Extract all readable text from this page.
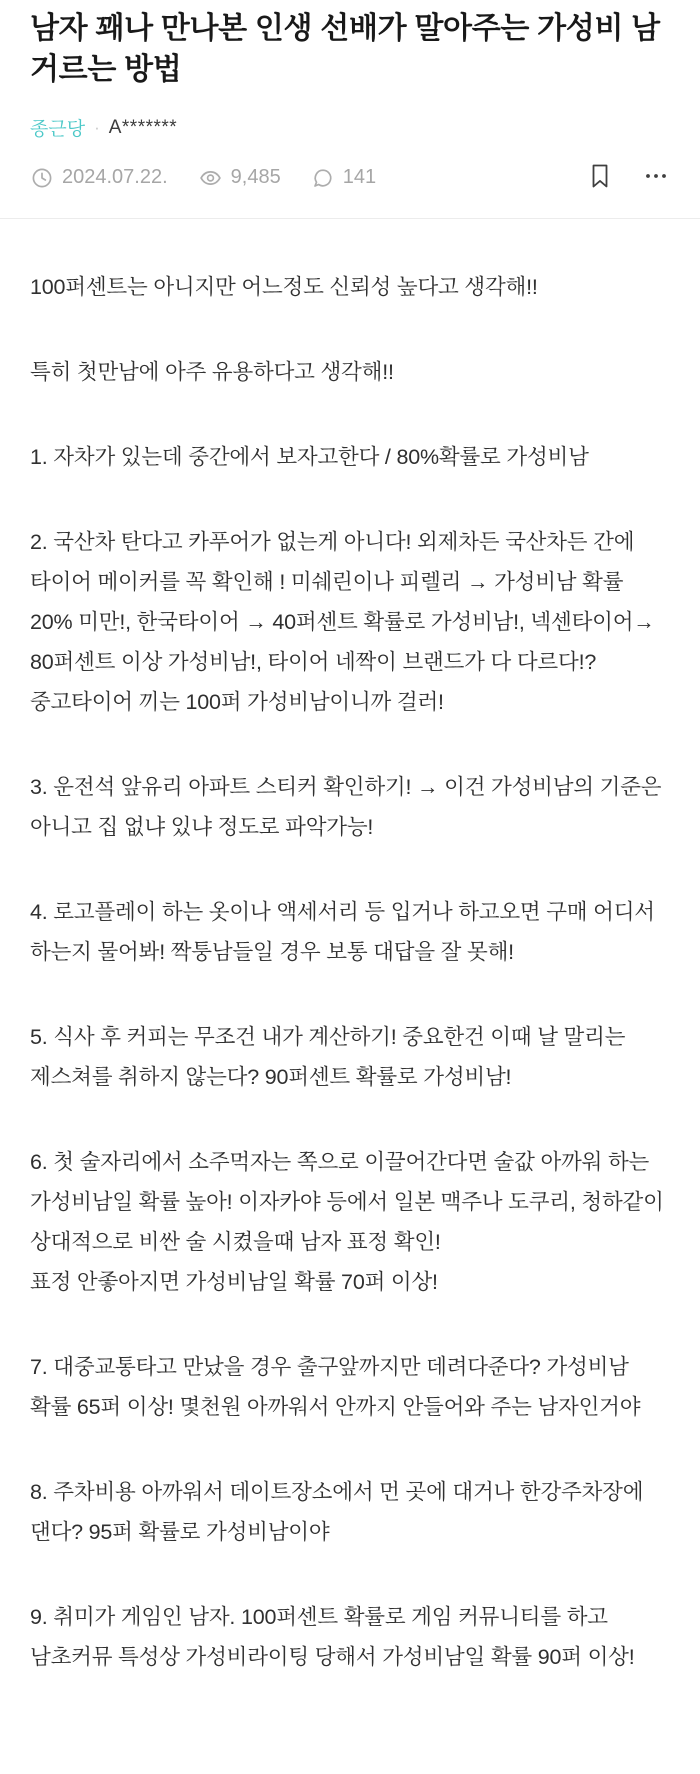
남자 꽤나 만나본 인생 선배가 말아주는 가성비 남 거르는 방법
종근당 · A*******
2024.07.22.	9,485	141

100퍼센트는 아니지만 어느정도 신뢰성 높다고 생각해!!

특히 첫만남에 아주 유용하다고 생각해!!

1. 자차가 있는데 중간에서 보자고한다 / 80%확률로 가성비남

2. 국산차 탄다고 카푸어가 없는게 아니다! 외제차든 국산차든 간에 타이어 메이커를 꼭 확인해 ! 미쉐린이나 피렐리 → 가성비남 확률 20% 미만!, 한국타이어 → 40퍼센트 확률로 가성비남!, 넥센타이어→ 80퍼센트 이상 가성비남!, 타이어 네짝이 브랜드가 다 다르다!? 중고타이어 끼는 100퍼 가성비남이니까 걸러!

3. 운전석 앞유리 아파트 스티커 확인하기! → 이건 가성비남의 기준은 아니고 집 없냐 있냐 정도로 파악가능!

4. 로고플레이 하는 옷이나 액세서리 등 입거나 하고오면 구매 어디서 하는지 물어봐! 짝퉁남들일 경우 보통 대답을 잘 못해!

5. 식사 후 커피는 무조건 내가 계산하기! 중요한건 이때 날 말리는 제스쳐를 취하지 않는다? 90퍼센트 확률로 가성비남!

6. 첫 술자리에서 소주먹자는 쪽으로 이끌어간다면 술값 아까워 하는 가성비남일 확률 높아! 이자카야 등에서 일본 맥주나 도쿠리, 청하같이 상대적으로 비싼 술 시켰을때 남자 표정 확인!
표정 안좋아지면 가성비남일 확률 70퍼 이상!

7. 대중교통타고 만났을 경우 출구앞까지만 데려다준다? 가성비남 확률 65퍼 이상! 몇천원 아까워서 안까지 안들어와 주는 남자인거야

8. 주차비용 아까워서 데이트장소에서 먼 곳에 대거나 한강주차장에 댄다? 95퍼 확률로 가성비남이야

9. 취미가 게임인 남자. 100퍼센트 확률로 게임 커뮤니티를 하고 남초커뮤 특성상 가성비라이팅 당해서 가성비남일 확률 90퍼 이상!
